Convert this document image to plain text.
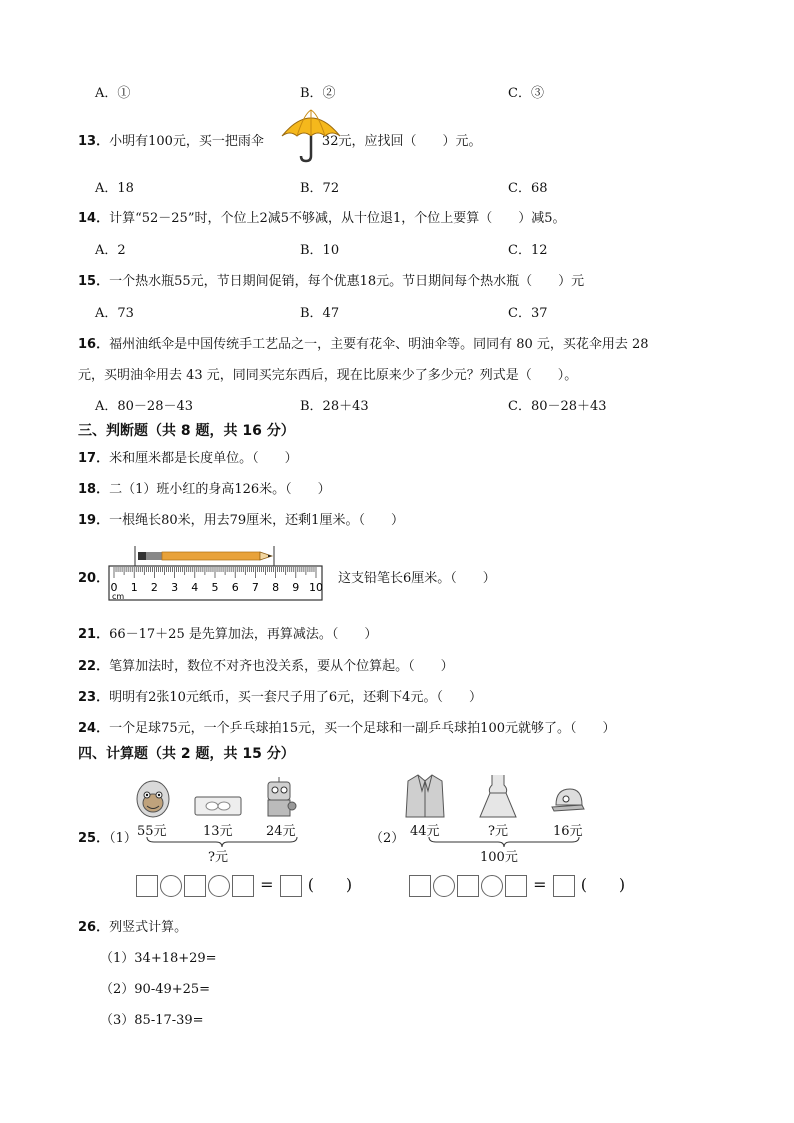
A．①	B．②	C．③
13．小明有100元，买一把雨伞	32元，应找回（　　）元。
A．18	B．72	C．68
14．计算“52－25”时，个位上2减5不够减，从十位退1，个位上要算（　　）减5。
A．2	B．10	C．12
15．一个热水瓶55元，节日期间促销，每个优惠18元。节日期间每个热水瓶（　　）元
A．73	B．47	C．37
16．福州油纸伞是中国传统手工艺品之一，主要有花伞、明油伞等。同同有 80 元，买花伞用去 28
元，买明油伞用去 43 元，同同买完东西后，现在比原来少了多少元？列式是（　　）。
A．80－28－43	B．28＋43	C．80－28＋43
三、判断题（共 8 题，共 16 分）
17．米和厘米都是长度单位。（　　）
18．二（1）班小红的身高126米。（　　）
19．一根绳长80米，用去79厘米，还剩1厘米。（　　）
20．
0 1 2 3 4 5 6 7 8 9 10
cm
这支铅笔长6厘米。（　　）
21．66－17＋25 是先算加法，再算减法。（　　）
22．笔算加法时，数位不对齐也没关系，要从个位算起。（　　）
23．明明有2张10元纸币，买一套尺子用了6元，还剩下4元。（　　）
24．一个足球75元，一个乒乓球拍15元，买一个足球和一副乒乓球拍100元就够了。（　　）
四、计算题（共 2 题，共 15 分）
25．（1） 55元	13元	24元
?元
= (　　)
（2） 44元	?元	16元
100元
= (　　)
26．列竖式计算。
（1）34+18+29=
（2）90-49+25=
（3）85-17-39=
